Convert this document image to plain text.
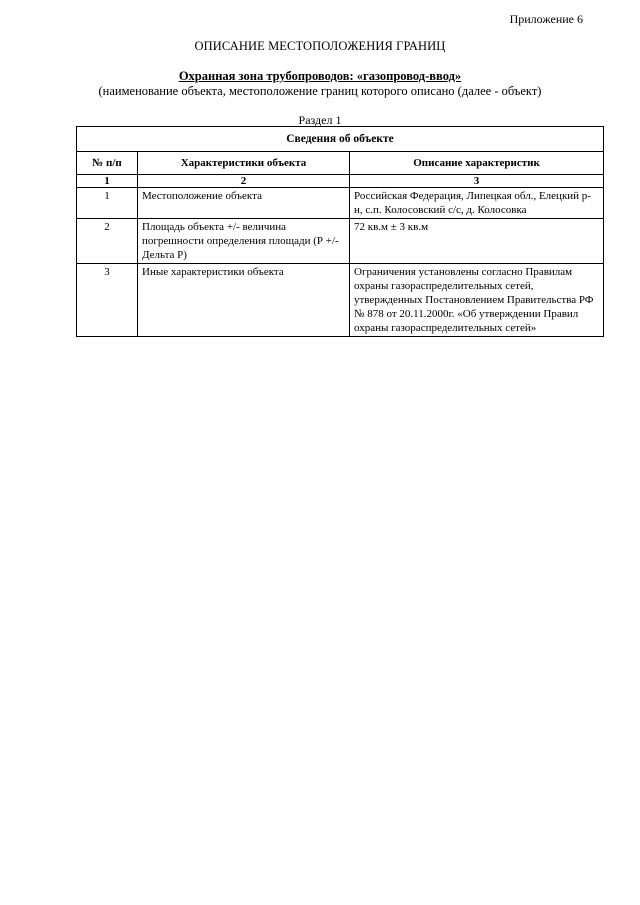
Приложение 6
ОПИСАНИЕ МЕСТОПОЛОЖЕНИЯ ГРАНИЦ
Охранная зона трубопроводов: «газопровод-ввод»
(наименование объекта, местоположение границ которого описано (далее - объект)
Раздел 1
Сведения об объекте		
№ п/п	Характеристики объекта	Описание характеристик
1	2	3
1	Местоположение объекта	Российская Федерация, Липецкая обл., Елецкий р-н, с.п. Колосовский с/с, д. Колосовка
2	Площадь объекта +/- величина погрешности определения площади (Р +/- Дельта Р)	72 кв.м ± 3 кв.м
3	Иные характеристики объекта	Ограничения установлены согласно Правилам охраны газораспределительных сетей, утвержденных Постановлением Правительства РФ № 878 от 20.11.2000г. «Об утверждении Правил охраны газораспределительных сетей»
